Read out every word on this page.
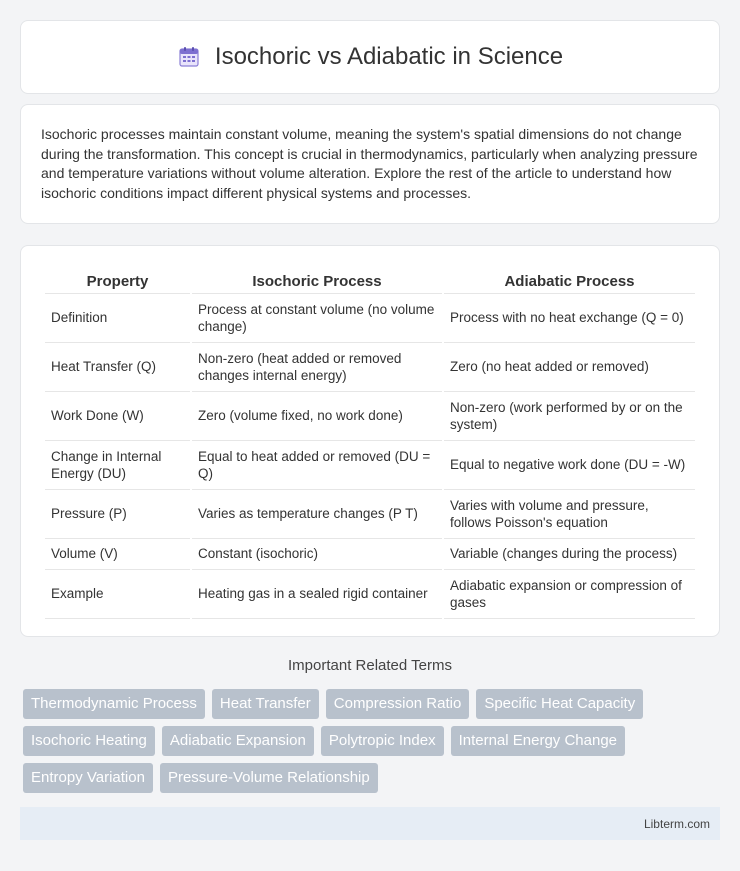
Isochoric vs Adiabatic in Science

Isochoric processes maintain constant volume, meaning the system's spatial dimensions do not change during the transformation. This concept is crucial in thermodynamics, particularly when analyzing pressure and temperature variations without volume alteration. Explore the rest of the article to understand how isochoric conditions impact different physical systems and processes.

Property	Isochoric Process	Adiabatic Process
Definition	Process at constant volume (no volume change)	Process with no heat exchange (Q = 0)
Heat Transfer (Q)	Non-zero (heat added or removed changes internal energy)	Zero (no heat added or removed)
Work Done (W)	Zero (volume fixed, no work done)	Non-zero (work performed by or on the system)
Change in Internal Energy (DU)	Equal to heat added or removed (DU = Q)	Equal to negative work done (DU = -W)
Pressure (P)	Varies as temperature changes (P T)	Varies with volume and pressure, follows Poisson's equation
Volume (V)	Constant (isochoric)	Variable (changes during the process)
Example	Heating gas in a sealed rigid container	Adiabatic expansion or compression of gases
Important Related Terms
Thermodynamic Process	Heat Transfer	Compression Ratio	Specific Heat Capacity
Isochoric Heating	Adiabatic Expansion	Polytropic Index	Internal Energy Change
Entropy Variation	Pressure-Volume Relationship
Libterm.com
